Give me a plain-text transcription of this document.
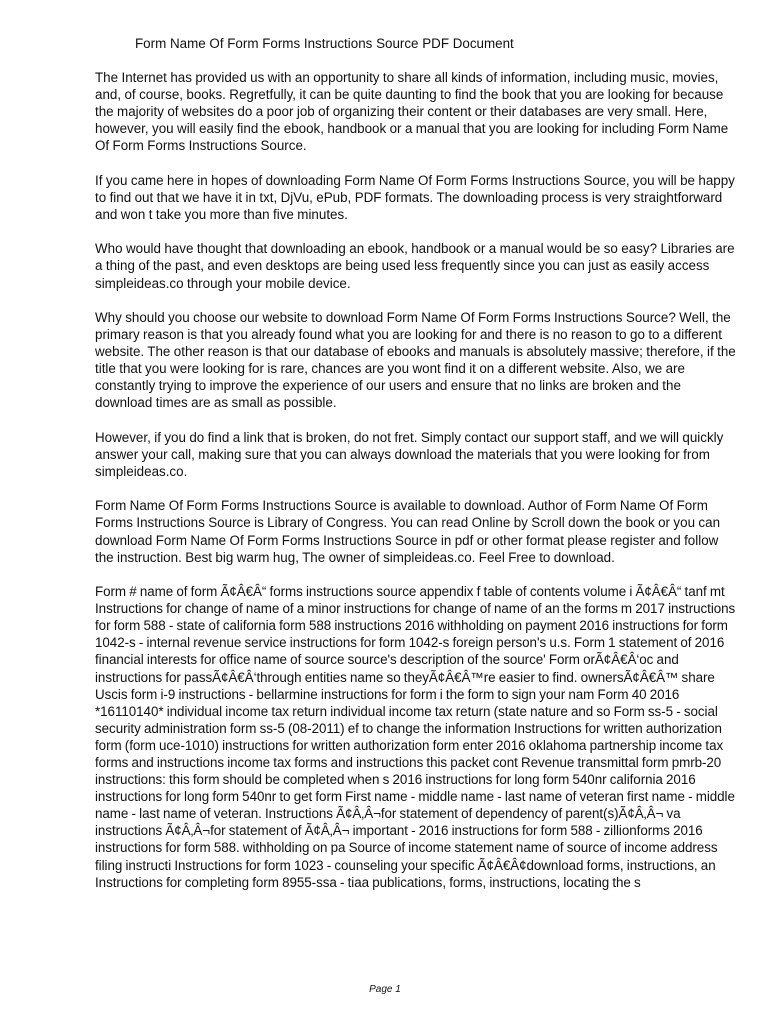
Form Name Of Form Forms Instructions Source PDF Document

The Internet has provided us with an opportunity to share all kinds of information, including music, movies, and, of course, books. Regretfully, it can be quite daunting to find the book that you are looking for because the majority of websites do a poor job of organizing their content or their databases are very small. Here, however, you will easily find the ebook, handbook or a manual that you are looking for including Form Name Of Form Forms Instructions Source.

If you came here in hopes of downloading Form Name Of Form Forms Instructions Source, you will be happy to find out that we have it in txt, DjVu, ePub, PDF formats. The downloading process is very straightforward and won t take you more than five minutes.

Who would have thought that downloading an ebook, handbook or a manual would be so easy? Libraries are a thing of the past, and even desktops are being used less frequently since you can just as easily access simpleideas.co through your mobile device.

Why should you choose our website to download Form Name Of Form Forms Instructions Source? Well, the primary reason is that you already found what you are looking for and there is no reason to go to a different website. The other reason is that our database of ebooks and manuals is absolutely massive; therefore, if the title that you were looking for is rare, chances are you wont find it on a different website. Also, we are constantly trying to improve the experience of our users and ensure that no links are broken and the download times are as small as possible.

However, if you do find a link that is broken, do not fret. Simply contact our support staff, and we will quickly answer your call, making sure that you can always download the materials that you were looking for from simpleideas.co.

Form Name Of Form Forms Instructions Source is available to download. Author of Form Name Of Form Forms Instructions Source is Library of Congress. You can read Online by Scroll down the book or you can download Form Name Of Form Forms Instructions Source in pdf or other format please register and follow the instruction. Best big warm hug, The owner of simpleideas.co. Feel Free to download.

Form # name of form Ã¢Â€Â“ forms instructions source appendix f table of contents volume i Ã¢Â€Â“ tanf mt Instructions for change of name of a minor instructions for change of name of an the forms m 2017 instructions for form 588 - state of california form 588 instructions 2016 withholding on payment 2016 instructions for form 1042-s - internal revenue service instructions for form 1042-s foreign person's u.s. Form 1 statement of 2016 financial interests for office name of source source's description of the source' Form orÃ¢Â€Â‘oc and instructions for passÃ¢Â€Â‘through entities name so theyÃ¢Â€Â™re easier to find. ownersÃ¢Â€Â™ share Uscis form i-9 instructions - bellarmine instructions for form i the form to sign your nam Form 40 2016 *16110140* individual income tax return individual income tax return (state nature and so Form ss-5 - social security administration form ss-5 (08-2011) ef to change the information Instructions for written authorization form (form uce-1010) instructions for written authorization form enter 2016 oklahoma partnership income tax forms and instructions income tax forms and instructions this packet cont Revenue transmittal form pmrb-20 instructions: this form should be completed when s 2016 instructions for long form 540nr california 2016 instructions for long form 540nr to get form First name - middle name - last name of veteran first name - middle name - last name of veteran. Instructions Ã¢Â‚Â¬for statement of dependency of parent(s)Ã¢Â‚Â¬ va instructions Ã¢Â‚Â¬for statement of Ã¢Â‚Â¬ important - 2016 instructions for form 588 - zillionforms 2016 instructions for form 588. withholding on pa Source of income statement name of source of income address filing instructi Instructions for form 1023 - counseling your specific Ã¢Â€Â¢download forms, instructions, an Instructions for completing form 8955-ssa - tiaa publications, forms, instructions, locating the s

Page 1
